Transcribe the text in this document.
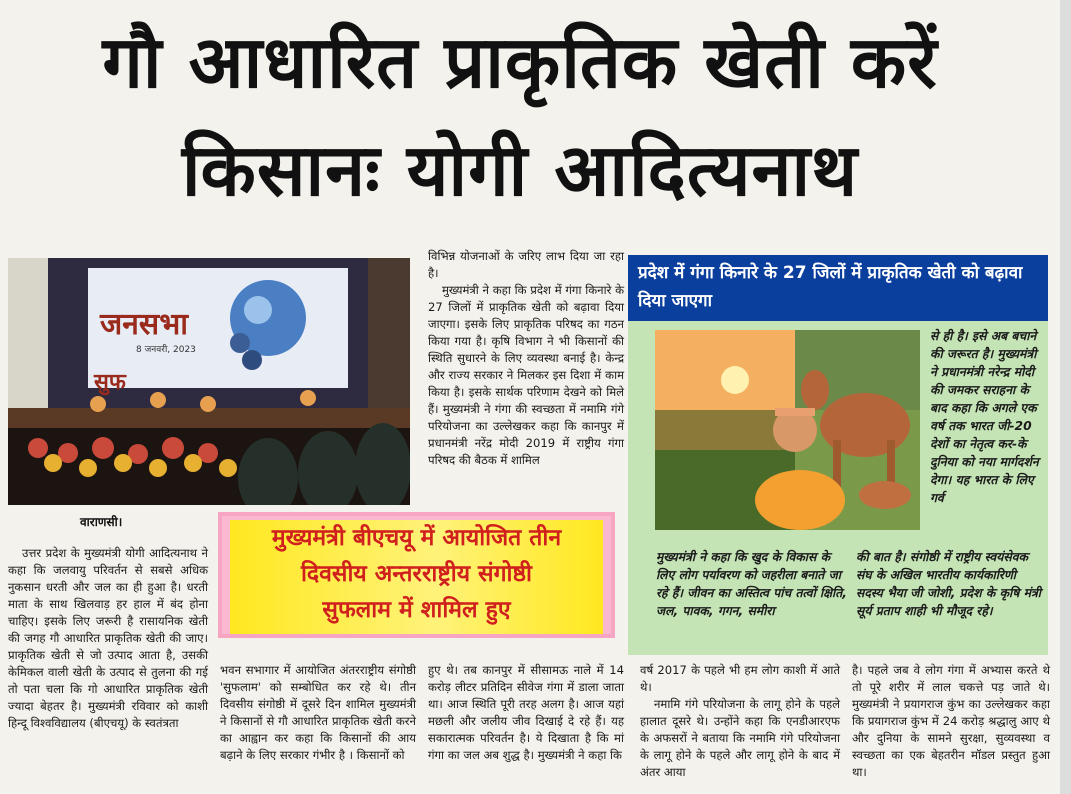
गौ आधारित प्राकृतिक खेती करें
किसानः योगी आदित्यनाथ
जनसभा
8 जनवरी, 2023
सुफ
वाराणसी।

उत्तर प्रदेश के मुख्यमंत्री योगी आदित्यनाथ ने कहा कि जलवायु परिवर्तन से सबसे अधिक नुकसान धरती और जल का ही हुआ है। धरती माता के साथ खिलवाड़ हर हाल में बंद होना चाहिए। इसके लिए जरूरी है रासायनिक खेती की जगह गौ आधारित प्राकृतिक खेती की जाए। प्राकृतिक खेती से जो उत्पाद आता है, उसकी केमिकल वाली खेती के उत्पाद से तुलना की गई तो पता चला कि गो आधारित प्राकृतिक खेती ज्यादा बेहतर है। मुख्यमंत्री रविवार को काशी हिन्दू विश्वविद्यालय (बीएचयू) के स्वतंत्रता

विभिन्न योजनाओं के जरिए लाभ दिया जा रहा है।

मुख्यमंत्री ने कहा कि प्रदेश में गंगा किनारे के 27 जिलों में प्राकृतिक खेती को बढ़ावा दिया जाएगा। इसके लिए प्राकृतिक परिषद का गठन किया गया है। कृषि विभाग ने भी किसानों की स्थिति सुधारने के लिए व्यवस्था बनाई है। केन्द्र और राज्य सरकार ने मिलकर इस दिशा में काम किया है। इसके सार्थक परिणाम देखने को मिले हैं। मुख्यमंत्री ने गंगा की स्वच्छता में नमामि गंगे परियोजना का उल्लेखकर कहा कि कानपुर में प्रधानमंत्री नरेंद्र मोदी 2019 में राष्ट्रीय गंगा परिषद की बैठक में शामिल

मुख्यमंत्री बीएचयू में आयोजित तीन
दिवसीय अन्तरराष्ट्रीय संगोष्ठी
सुफलाम में शामिल हुए

भवन सभागार में आयोजित अंतरराष्ट्रीय संगोष्ठी 'सुफलाम' को सम्बोधित कर रहे थे। तीन दिवसीय संगोष्ठी में दूसरे दिन शामिल मुख्यमंत्री ने किसानों से गौ आधारित प्राकृतिक खेती करने का आह्वान कर कहा कि किसानों की आय बढ़ाने के लिए सरकार गंभीर है । किसानों को

हुए थे। तब कानपुर में सीसामऊ नाले में 14 करोड़ लीटर प्रतिदिन सीवेज गंगा में डाला जाता था। आज स्थिति पूरी तरह अलग है। आज यहां मछली और जलीय जीव दिखाई दे रहे हैं। यह सकारात्मक परिवर्तन है। ये दिखाता है कि मां गंगा का जल अब शुद्ध है। मुख्यमंत्री ने कहा कि

वर्ष 2017 के पहले भी हम लोग काशी में आते थे।

नमामि गंगे परियोजना के लागू होने के पहले हालात दूसरे थे। उन्होंने कहा कि एनडीआरएफ के अफसरों ने बताया कि नमामि गंगे परियोजना के लागू होने के पहले और लागू होने के बाद में अंतर आया

है। पहले जब वे लोग गंगा में अभ्यास करते थे तो पूरे शरीर में लाल चकत्ते पड़ जाते थे। मुख्यमंत्री ने प्रयागराज कुंभ का उल्लेखकर कहा कि प्रयागराज कुंभ में 24 करोड़ श्रद्धालु आए थे और दुनिया के सामने सुरक्षा, सुव्यवस्था व स्वच्छता का एक बेहतरीन मॉडल प्रस्तुत हुआ था।

प्रदेश में गंगा किनारे के 27 जिलों में प्राकृतिक खेती को बढ़ावा दिया जाएगा
से ही है। इसे अब बचाने की जरूरत है। मुख्यमंत्री ने प्रधानमंत्री नरेन्द्र मोदी की जमकर सराहना के बाद कहा कि अगले एक वर्ष तक भारत जी-20 देशों का नेतृत्व कर-के दुनिया को नया मार्गदर्शन देगा। यह भारत के लिए गर्व
मुख्यमंत्री ने कहा कि खुद के विकास के लिए लोग पर्यावरण को जहरीला बनाते जा रहे हैं। जीवन का अस्तित्व पांच तत्वों क्षिति, जल, पावक, गगन, समीरा
की बात है। संगोष्ठी में राष्ट्रीय स्वयंसेवक संघ के अखिल भारतीय कार्यकारिणी सदस्य भैया जी जोशी, प्रदेश के कृषि मंत्री सूर्य प्रताप शाही भी मौजूद रहे।
